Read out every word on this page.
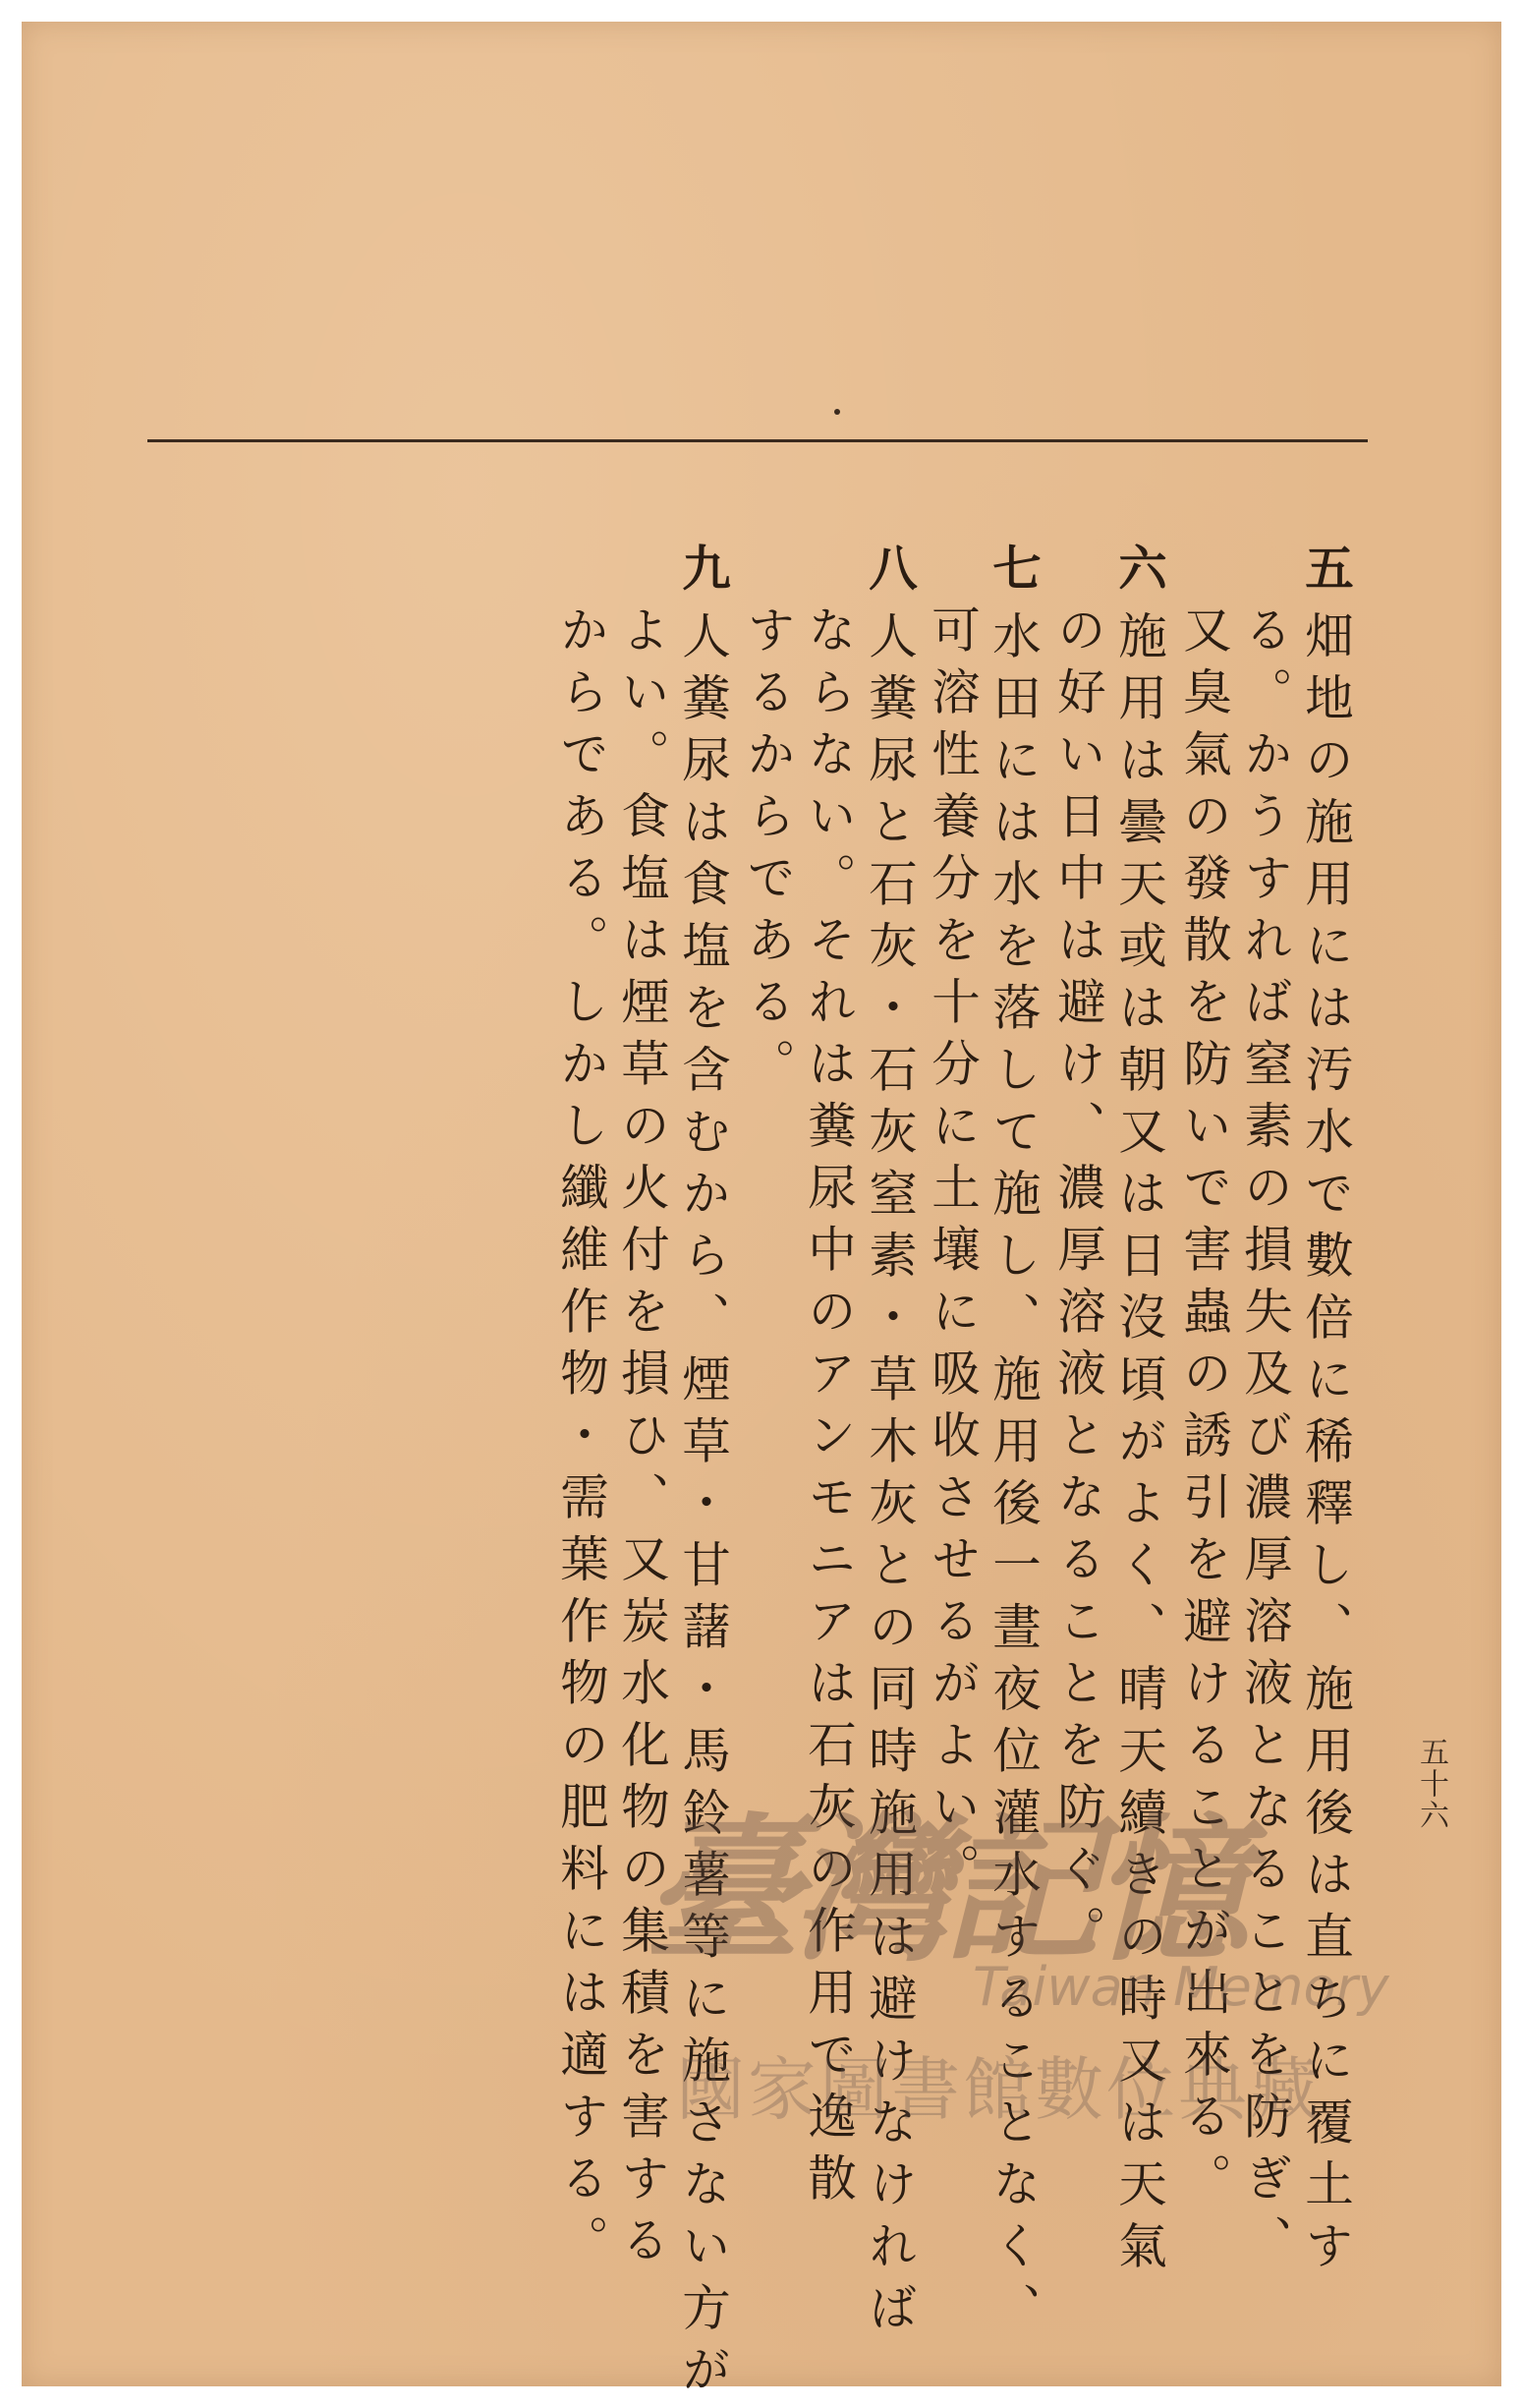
五畑地の施用には汚水で數倍に稀釋し、施用後は直ちに覆土す
る。かうすれば窒素の損失及び濃厚溶液となることを防ぎ、
又臭氣の發散を防いで害蟲の誘引を避けることが出來る。
六施用は曇天或は朝又は日沒頃がよく、晴天續きの時又は天氣
の好い日中は避け、濃厚溶液となることを防ぐ。
七水田には水を落して施し、施用後一晝夜位灌水することなく、
可溶性養分を十分に土壤に吸收させるがよい。
八人糞尿と石灰・石灰窒素・草木灰との同時施用は避けなければ
ならない。それは糞尿中のアンモニアは石灰の作用で逸散
するからである。
九人糞尿は食塩を含むから、煙草・甘藷・馬鈴薯等に施さない方が
よい。食塩は煙草の火付を損ひ、又炭水化物の集積を害する
からである。しかし纖維作物・需葉作物の肥料には適する。	五十六
臺灣記憶
Taiwan Memory
國家圖書館數位典藏
